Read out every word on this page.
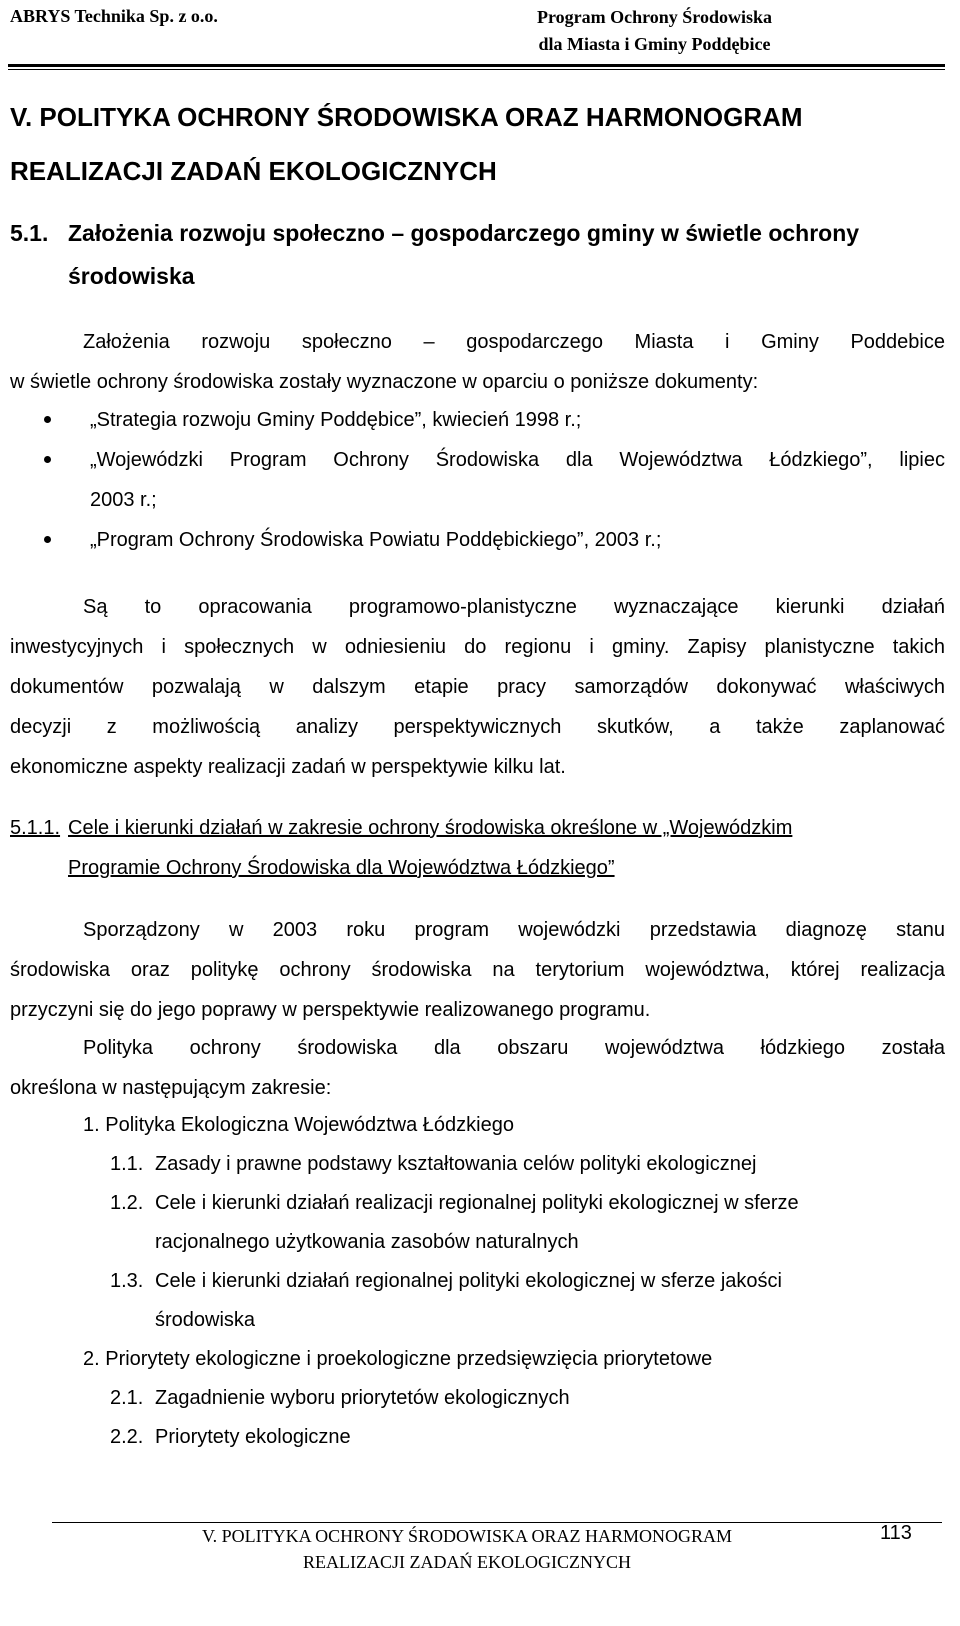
ABRYS Technika Sp. z o.o.	Program Ochrony Środowiska
dla Miasta i Gminy Poddębice
V. POLITYKA OCHRONY ŚRODOWISKA ORAZ HARMONOGRAM
REALIZACJI ZADAŃ EKOLOGICZNYCH
5.1. Założenia rozwoju społeczno – gospodarczego gminy w świetle ochrony
środowiska
Założenia rozwoju społeczno – gospodarczego Miasta i Gminy Poddebice
w świetle ochrony środowiska zostały wyznaczone w oparciu o poniższe dokumenty:
„Strategia rozwoju Gminy Poddębice”, kwiecień 1998 r.;
„Wojewódzki Program Ochrony Środowiska dla Województwa Łódzkiego”, lipiec
2003 r.;
„Program Ochrony Środowiska Powiatu Poddębickiego”, 2003 r.;
Są to opracowania programowo-planistyczne wyznaczające kierunki działań
inwestycyjnych i społecznych w odniesieniu do regionu i gminy. Zapisy planistyczne takich
dokumentów pozwalają w dalszym etapie pracy samorządów dokonywać właściwych
decyzji z możliwością analizy perspektywicznych skutków, a także zaplanować
ekonomiczne aspekty realizacji zadań w perspektywie kilku lat.
5.1.1. Cele i kierunki działań w zakresie ochrony środowiska określone w „Wojewódzkim
Programie Ochrony Środowiska dla Województwa Łódzkiego”
Sporządzony w 2003 roku program wojewódzki przedstawia diagnozę stanu
środowiska oraz politykę ochrony środowiska na terytorium województwa, której realizacja
przyczyni się do jego poprawy w perspektywie realizowanego programu.
Polityka ochrony środowiska dla obszaru województwa łódzkiego została
określona w następującym zakresie:
1. Polityka Ekologiczna Województwa Łódzkiego
1.1. Zasady i prawne podstawy kształtowania celów polityki ekologicznej
1.2. Cele i kierunki działań realizacji regionalnej polityki ekologicznej w sferze
racjonalnego użytkowania zasobów naturalnych
1.3. Cele i kierunki działań regionalnej polityki ekologicznej w sferze jakości
środowiska
2. Priorytety ekologiczne i proekologiczne przedsięwzięcia priorytetowe
2.1. Zagadnienie wyboru priorytetów ekologicznych
2.2. Priorytety ekologiczne
V. POLITYKA OCHRONY ŚRODOWISKA ORAZ HARMONOGRAM
REALIZACJI ZADAŃ EKOLOGICZNYCH
113
